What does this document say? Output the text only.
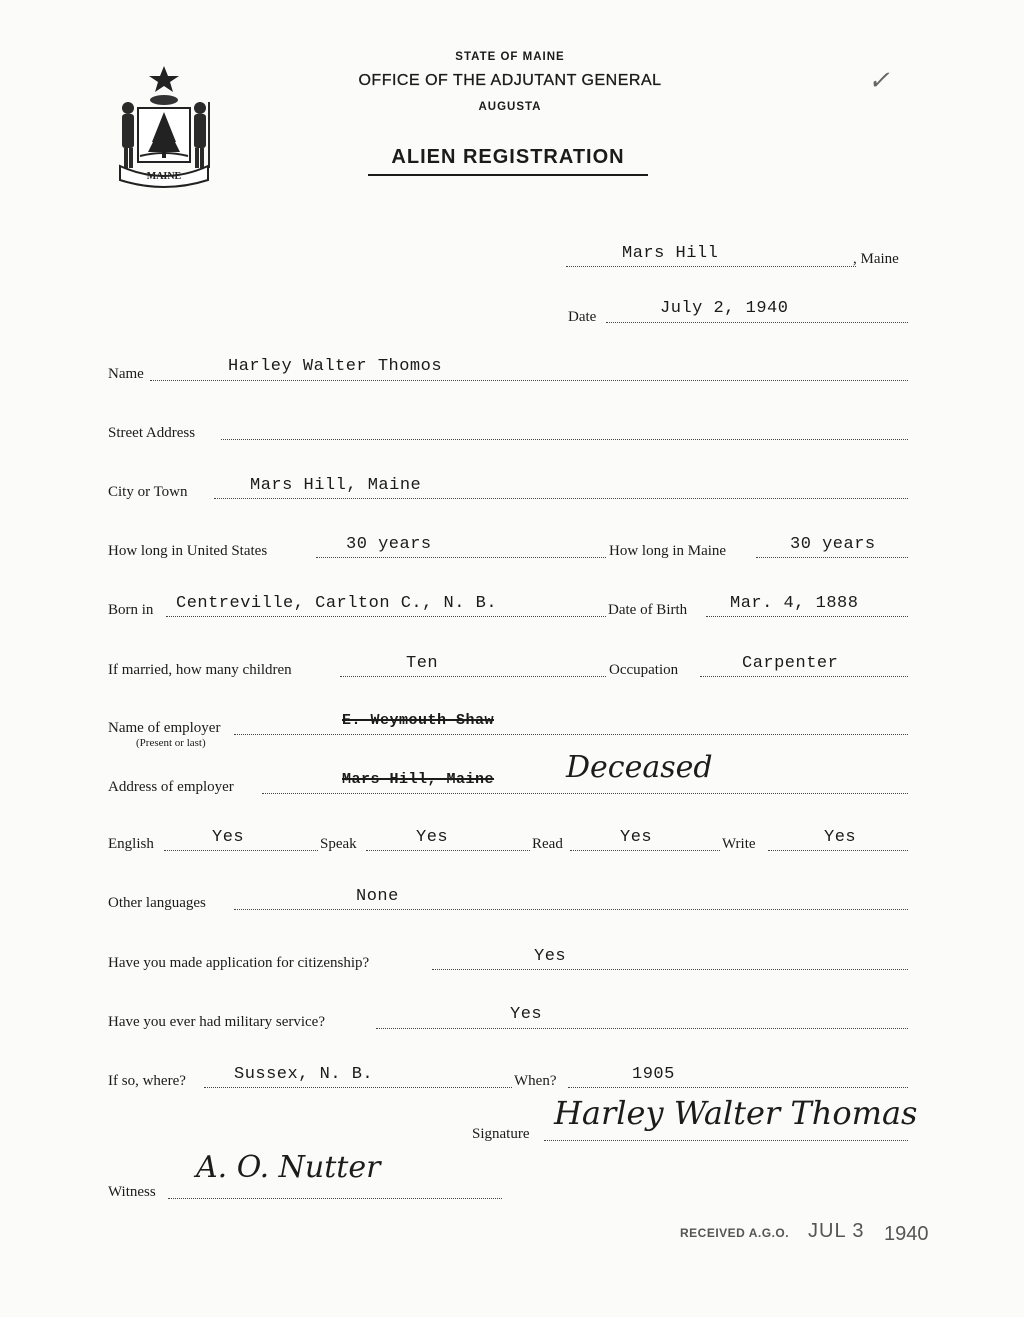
MAINE
STATE OF MAINE
OFFICE OF THE ADJUTANT GENERAL
AUGUSTA
ALIEN REGISTRATION
✓
Mars Hill	, Maine
Date	July 2, 1940
Name	Harley Walter Thomos
Street Address
City or Town	Mars Hill, Maine
How long in United States	30 years	How long in Maine	30 years
Born in Centreville, Carlton C., N. B.	Date of Birth	Mar. 4, 1888
If married, how many children	Ten	Occupation	Carpenter
Name of employer
(Present or last)
E. Weymouth Shaw
Address of employer	Mars Hill, Maine Deceased
English	Yes	Speak	Yes	Read	Yes	Write	Yes
Other languages	None
Have you made application for citizenship?	Yes
Have you ever had military service?	Yes
If so, where?	Sussex, N. B.	When?	1905
Signature
Harley Walter Thomas
Witness
A. O. Nutter
RECEIVED A.G.O. JUL 3 1940
